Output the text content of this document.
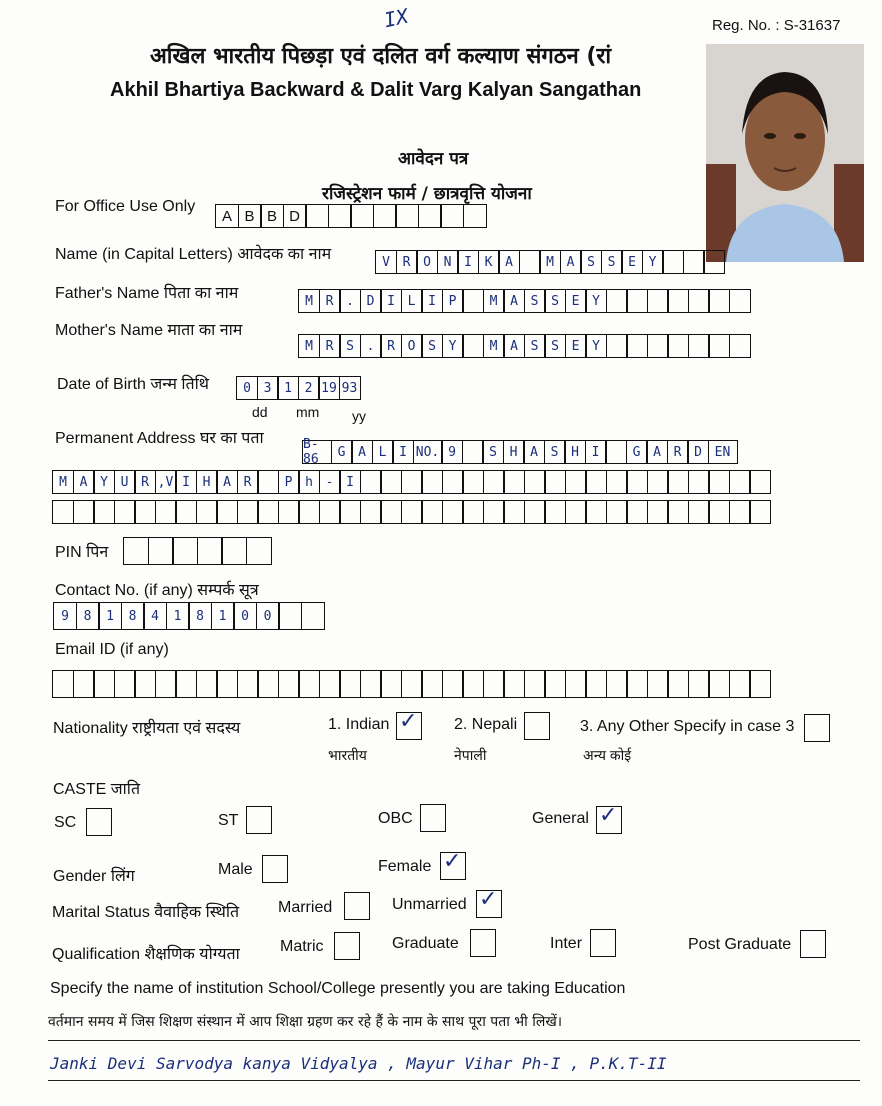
IX	Reg. No. : S-31637
अखिल भारतीय पिछड़ा एवं दलित वर्ग कल्याण संगठन (रां
Akhil Bhartiya Backward & Dalit Varg Kalyan Sangathan
आवेदन पत्र
रजिस्ट्रेशन फार्म / छात्रवृत्ति योजना
For Office Use Only
A B B D
Name (in Capital Letters) आवेदक का नाम	V R O N I K A	M A S S E Y
Father's Name पिता का नाम	M R . D I L I P	M A S S E Y
Mother's Name माता का नाम
M R S . R O S Y	M A S S E Y
Date of Birth जन्म तिथि	0 3 1 2 19 93
dd mm yy
Permanent Address घर का पता	B-86	G A L I NO. 9	S H A S H I	G A R D EN
M A Y U R ,V I H A R	P h - I
PIN पिन
Contact No. (if any) सम्पर्क सूत्र
9	8	1	8	4	1	8	1	0	0
Email ID (if any)
Nationality राष्ट्रीयता एवं सदस्य	1. Indian ✓
भारतीय
2. Nepali
नेपाली
3. Any Other Specify in case 3
अन्य कोई
CASTE जाति
SC	ST	OBC	General ✓
Gender लिंग	Male	Female ✓
Marital Status वैवाहिक स्थिति Married	Unmarried ✓
Qualification शैक्षणिक योग्यता	Matric	Graduate	Inter	Post Graduate
Specify the name of institution School/College presently you are taking Education
वर्तमान समय में जिस शिक्षण संस्थान में आप शिक्षा ग्रहण कर रहे हैं के नाम के साथ पूरा पता भी लिखें।
Janki Devi Sarvodya kanya Vidyalya , Mayur Vihar Ph-I , P.K.T-II
